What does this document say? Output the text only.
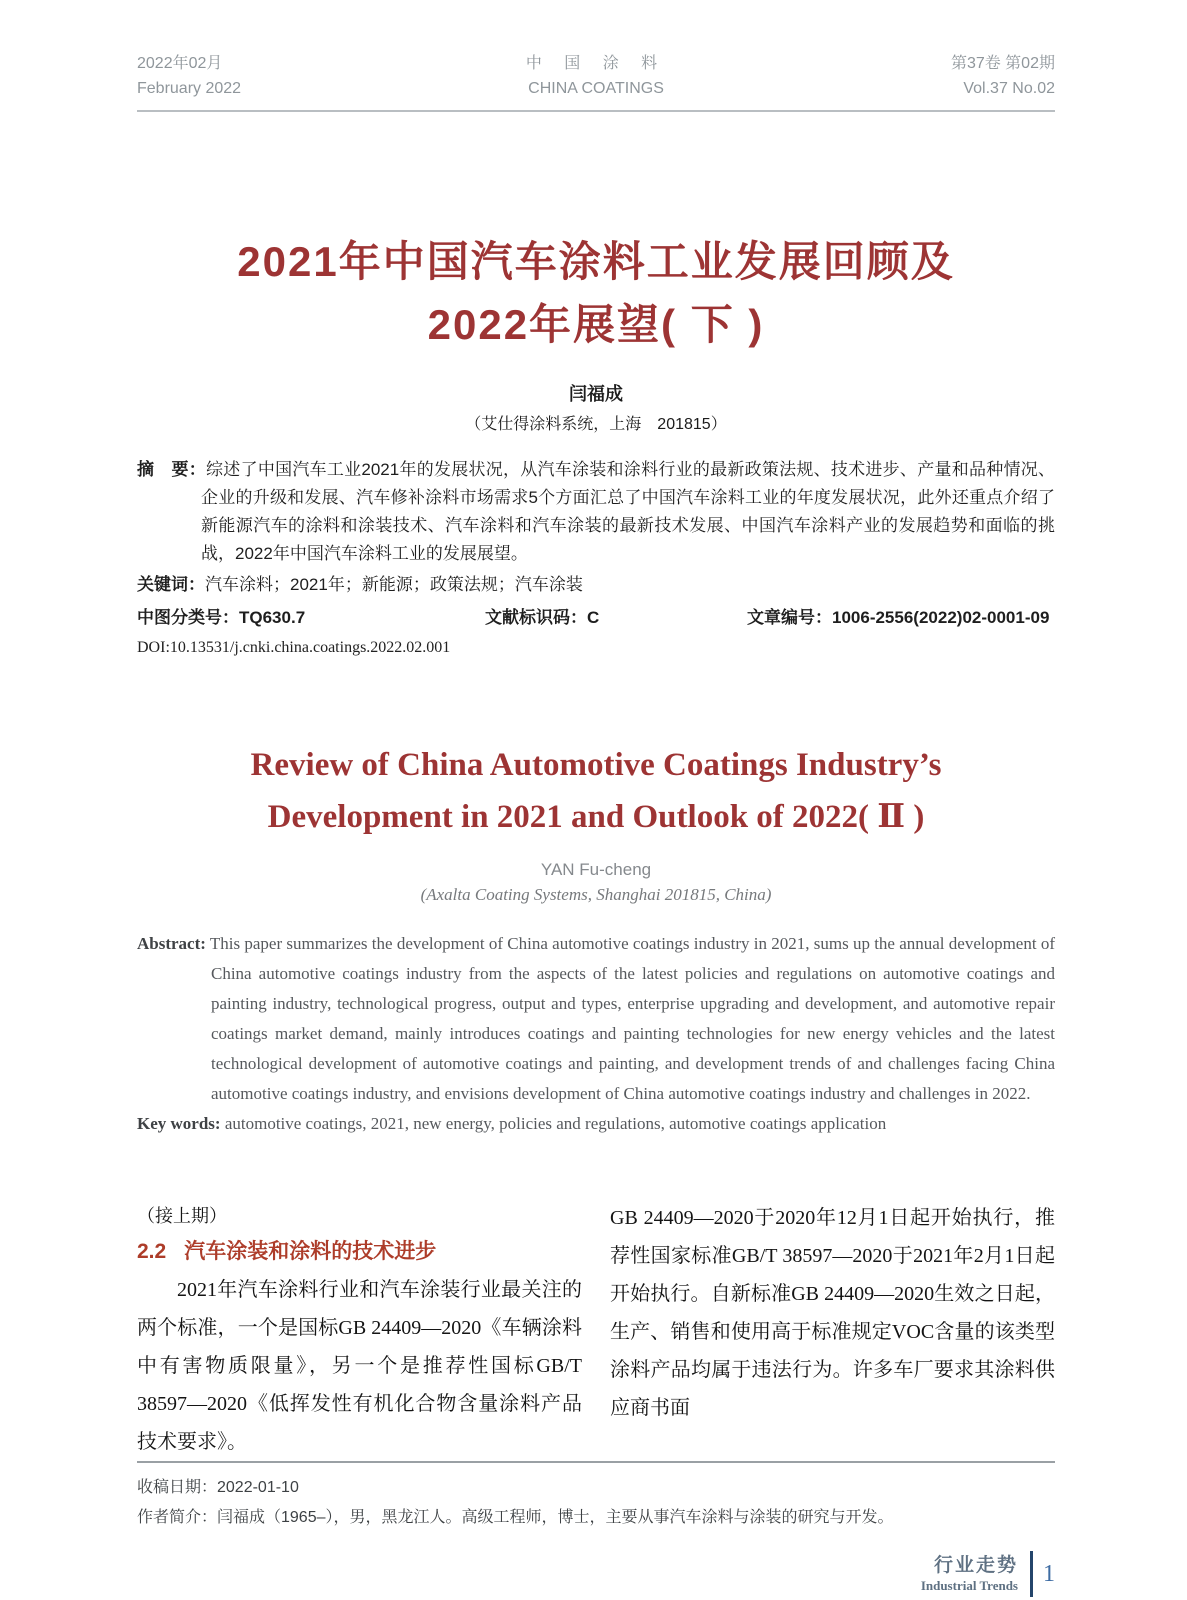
2022年02月
February 2022
中 国 涂 料
CHINA COATINGS
第37卷 第02期
Vol.37 No.02
2021年中国汽车涂料工业发展回顾及
2022年展望( 下 )
闫福成
（艾仕得涂料系统，上海　201815）
摘　要：综述了中国汽车工业2021年的发展状况，从汽车涂装和涂料行业的最新政策法规、技术进步、产量和品种情况、企业的升级和发展、汽车修补涂料市场需求5个方面汇总了中国汽车涂料工业的年度发展状况，此外还重点介绍了新能源汽车的涂料和涂装技术、汽车涂料和汽车涂装的最新技术发展、中国汽车涂料产业的发展趋势和面临的挑战，2022年中国汽车涂料工业的发展展望。
关键词：汽车涂料；2021年；新能源；政策法规；汽车涂装
中图分类号：TQ630.7	文献标识码：C	文章编号：1006-2556(2022)02-0001-09
DOI:10.13531/j.cnki.china.coatings.2022.02.001
Review of China Automotive Coatings Industry’s
Development in 2021 and Outlook of 2022( Ⅱ )
YAN Fu-cheng
(Axalta Coating Systems, Shanghai 201815, China)
Abstract: This paper summarizes the development of China automotive coatings industry in 2021, sums up the annual development of China automotive coatings industry from the aspects of the latest policies and regulations on automotive coatings and painting industry, technological progress, output and types, enterprise upgrading and development, and automotive repair coatings market demand, mainly introduces coatings and painting technologies for new energy vehicles and the latest technological development of automotive coatings and painting, and development trends of and challenges facing China automotive coatings industry, and envisions development of China automotive coatings industry and challenges in 2022.
Key words: automotive coatings, 2021, new energy, policies and regulations, automotive coatings application
（接上期）
2.2 汽车涂装和涂料的技术进步

2021年汽车涂料行业和汽车涂装行业最关注的两个标准，一个是国标GB 24409—2020《车辆涂料中有害物质限量》，另一个是推荐性国标GB/T 38597—2020《低挥发性有机化合物含量涂料产品技术要求》。

GB 24409—2020于2020年12月1日起开始执行，推荐性国家标准GB/T 38597—2020于2021年2月1日起开始执行。自新标准GB 24409—2020生效之日起，生产、销售和使用高于标准规定VOC含量的该类型涂料产品均属于违法行为。许多车厂要求其涂料供应商书面

收稿日期：2022-01-10
作者简介：闫福成（1965–），男，黑龙江人。高级工程师，博士，主要从事汽车涂料与涂装的研究与开发。
行业走势
Industrial Trends 1
